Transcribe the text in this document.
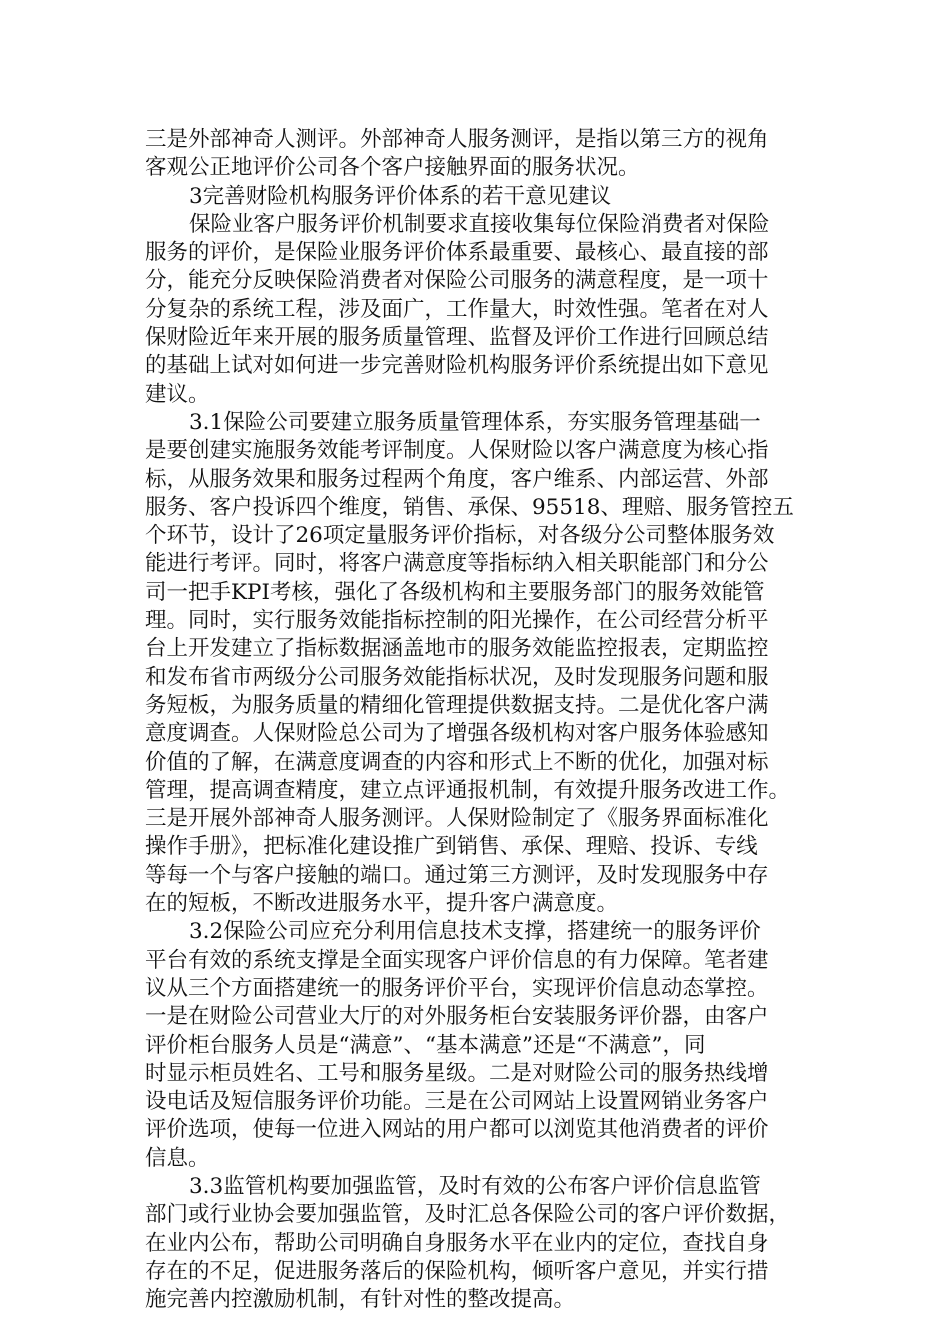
三是外部神奇人测评。外部神奇人服务测评，是指以第三方的视角
客观公正地评价公司各个客户接触界面的服务状况。
3完善财险机构服务评价体系的若干意见建议
保险业客户服务评价机制要求直接收集每位保险消费者对保险
服务的评价，是保险业服务评价体系最重要、最核心、最直接的部
分，能充分反映保险消费者对保险公司服务的满意程度，是一项十
分复杂的系统工程，涉及面广，工作量大，时效性强。笔者在对人
保财险近年来开展的服务质量管理、监督及评价工作进行回顾总结
的基础上试对如何进一步完善财险机构服务评价系统提出如下意见
建议。
3.1保险公司要建立服务质量管理体系，夯实服务管理基础一
是要创建实施服务效能考评制度。人保财险以客户满意度为核心指
标，从服务效果和服务过程两个角度，客户维系、内部运营、外部
服务、客户投诉四个维度，销售、承保、95518、理赔、服务管控五
个环节，设计了26项定量服务评价指标，对各级分公司整体服务效
能进行考评。同时，将客户满意度等指标纳入相关职能部门和分公
司一把手KPI考核，强化了各级机构和主要服务部门的服务效能管
理。同时，实行服务效能指标控制的阳光操作，在公司经营分析平
台上开发建立了指标数据涵盖地市的服务效能监控报表，定期监控
和发布省市两级分公司服务效能指标状况，及时发现服务问题和服
务短板，为服务质量的精细化管理提供数据支持。二是优化客户满
意度调查。人保财险总公司为了增强各级机构对客户服务体验感知
价值的了解，在满意度调查的内容和形式上不断的优化，加强对标
管理，提高调查精度，建立点评通报机制，有效提升服务改进工作。
三是开展外部神奇人服务测评。人保财险制定了《服务界面标准化
操作手册》，把标准化建设推广到销售、承保、理赔、投诉、专线
等每一个与客户接触的端口。通过第三方测评，及时发现服务中存
在的短板，不断改进服务水平，提升客户满意度。
3.2保险公司应充分利用信息技术支撑，搭建统一的服务评价
平台有效的系统支撑是全面实现客户评价信息的有力保障。笔者建
议从三个方面搭建统一的服务评价平台，实现评价信息动态掌控。
一是在财险公司营业大厅的对外服务柜台安装服务评价器，由客户
评价柜台服务人员是“满意”、“基本满意”还是“不满意”，同
时显示柜员姓名、工号和服务星级。二是对财险公司的服务热线增
设电话及短信服务评价功能。三是在公司网站上设置网销业务客户
评价选项，使每一位进入网站的用户都可以浏览其他消费者的评价
信息。
3.3监管机构要加强监管，及时有效的公布客户评价信息监管
部门或行业协会要加强监管，及时汇总各保险公司的客户评价数据，
在业内公布，帮助公司明确自身服务水平在业内的定位，查找自身
存在的不足，促进服务落后的保险机构，倾听客户意见，并实行措
施完善内控激励机制，有针对性的整改提高。
